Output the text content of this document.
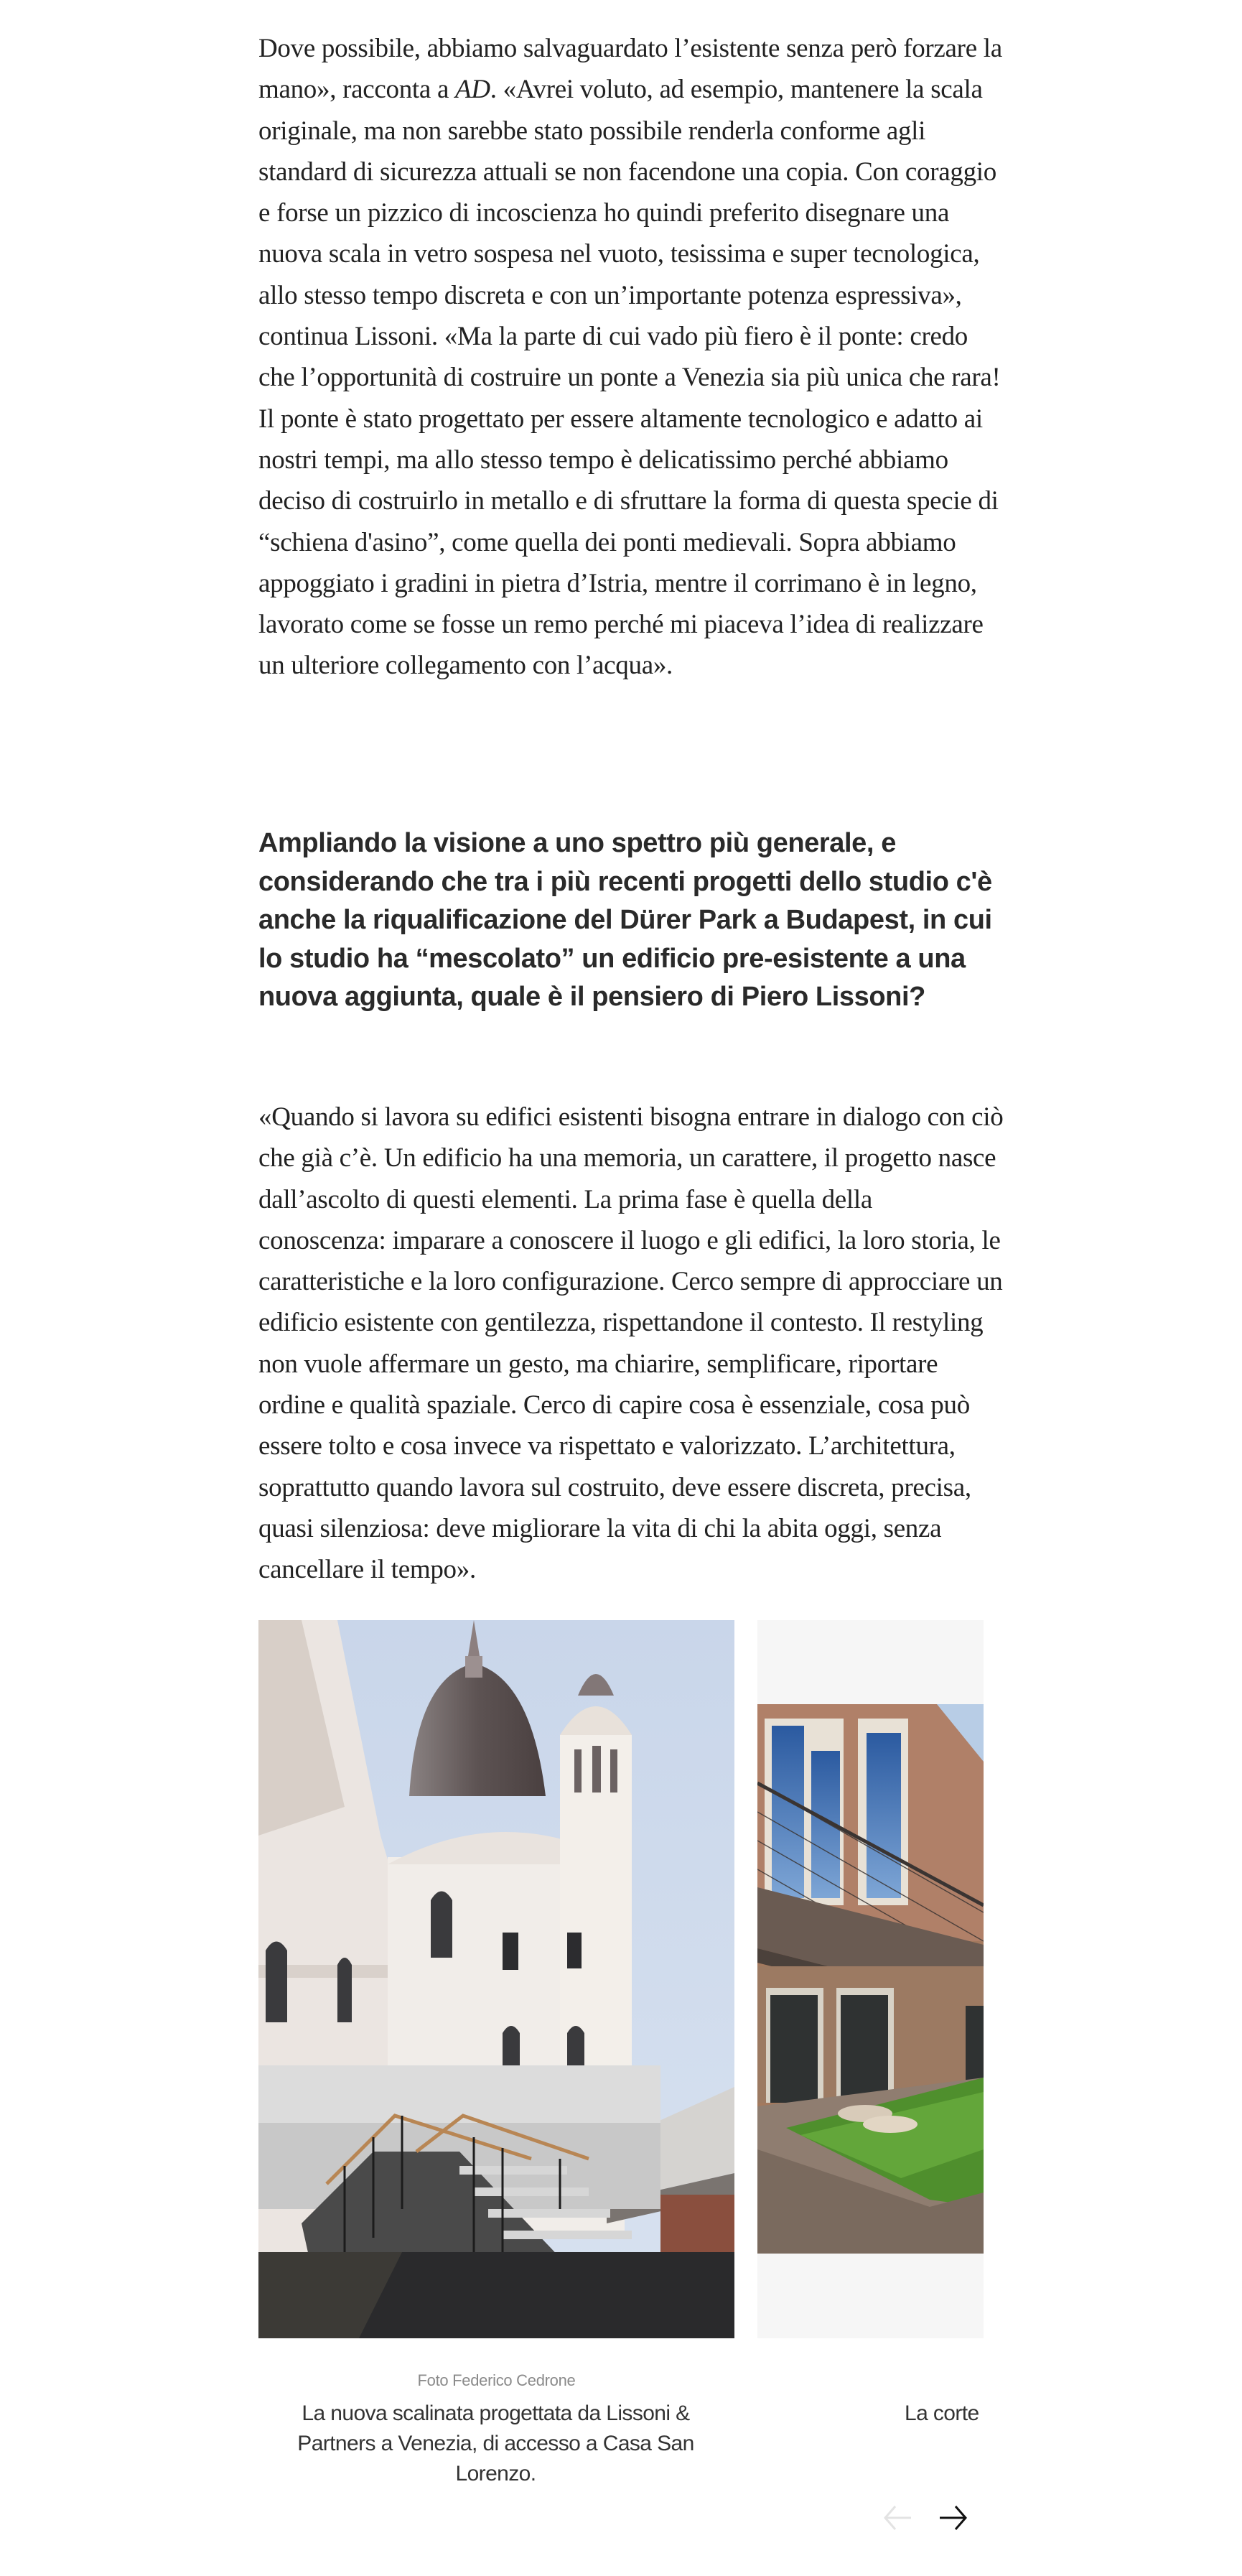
Dove possibile, abbiamo salvaguardato l’esistente senza però forzare la mano», racconta a AD. «Avrei voluto, ad esempio, mantenere la scala originale, ma non sarebbe stato possibile renderla conforme agli standard di sicurezza attuali se non facendone una copia. Con coraggio e forse un pizzico di incoscienza ho quindi preferito disegnare una nuova scala in vetro sospesa nel vuoto, tesissima e super tecnologica, allo stesso tempo discreta e con un’importante potenza espressiva», continua Lissoni. «Ma la parte di cui vado più fiero è il ponte: credo che l’opportunità di costruire un ponte a Venezia sia più unica che rara! Il ponte è stato progettato per essere altamente tecnologico e adatto ai nostri tempi, ma allo stesso tempo è delicatissimo perché abbiamo deciso di costruirlo in metallo e di sfruttare la forma di questa specie di “schiena d'asino”, come quella dei ponti medievali. Sopra abbiamo appoggiato i gradini in pietra d’Istria, mentre il corrimano è in legno, lavorato come se fosse un remo perché mi piaceva l’idea di realizzare un ulteriore collegamento con l’acqua».

Ampliando la visione a uno spettro più generale, e considerando che tra i più recenti progetti dello studio c'è anche la riqualificazione del Dürer Park a Budapest, in cui lo studio ha “mescolato” un edificio pre-esistente a una nuova aggiunta, quale è il pensiero di Piero Lissoni?

«Quando si lavora su edifici esistenti bisogna entrare in dialogo con ciò che già c’è. Un edificio ha una memoria, un carattere, il progetto nasce dall’ascolto di questi elementi. La prima fase è quella della conoscenza: imparare a conoscere il luogo e gli edifici, la loro storia, le caratteristiche e la loro configurazione. Cerco sempre di approcciare un edificio esistente con gentilezza, rispettandone il contesto. Il restyling non vuole affermare un gesto, ma chiarire, semplificare, riportare ordine e qualità spaziale. Cerco di capire cosa è essenziale, cosa può essere tolto e cosa invece va rispettato e valorizzato. L’architettura, soprattutto quando lavora sul costruito, deve essere discreta, precisa, quasi silenziosa: deve migliorare la vita di chi la abita oggi, senza cancellare il tempo».

Foto Federico Cedrone
La nuova scalinata progettata da Lissoni & Partners a Venezia, di accesso a Casa San Lorenzo.
La corte
